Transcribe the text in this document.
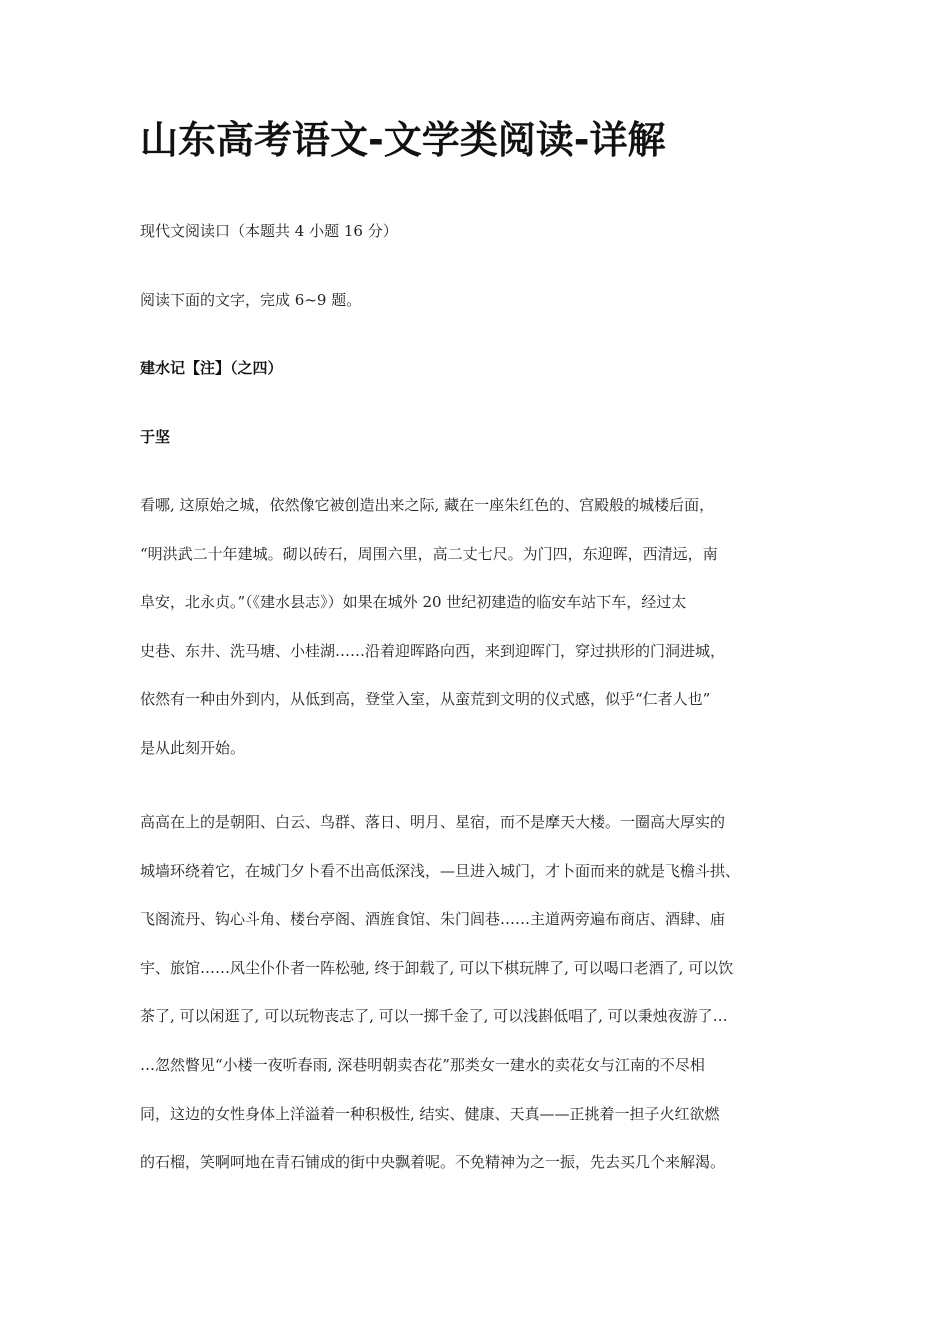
山东高考语文-文学类阅读-详解

现代文阅读口（本题共 4 小题 16 分）

阅读下面的文字，完成 6~9 题。

建水记【注】（之四）

于坚

看哪, 这原始之城，依然像它被创造出来之际, 藏在一座朱红色的、宫殿般的城楼后面，
“明洪武二十年建城。砌以砖石，周围六里，高二丈七尺。为门四，东迎晖，西清远，南
阜安，北永贞。”（《建水县志》）如果在城外 20 世纪初建造的临安车站下车，经过太
史巷、东井、洗马塘、小桂湖……沿着迎晖路向西，来到迎晖门，穿过拱形的门洞进城，
依然有一种由外到内，从低到高，登堂入室，从蛮荒到文明的仪式感，似乎“仁者人也”
是从此刻开始。
高高在上的是朝阳、白云、鸟群、落日、明月、星宿，而不是摩天大楼。一圈高大厚实的
城墙环绕着它，在城门夕卜看不出高低深浅，—旦进入城门，才卜面而来的就是飞檐斗拱、
飞阁流丹、钩心斗角、楼台亭阁、酒旌食馆、朱门闾巷……主道两旁遍布商店、酒肆、庙
宇、旅馆……风尘仆仆者一阵松驰, 终于卸载了, 可以下棋玩牌了, 可以喝口老酒了, 可以饮
茶了, 可以闲逛了, 可以玩物丧志了, 可以一掷千金了, 可以浅斟低唱了, 可以秉烛夜游了…
…忽然瞥见“小楼一夜听春雨, 深巷明朝卖杏花”那类女一建水的卖花女与江南的不尽相
同，这边的女性身体上洋溢着一种积极性, 结实、健康、天真——正挑着一担子火红欲燃
的石榴，笑啊呵地在青石铺成的街中央飘着呢。不免精神为之一振，先去买几个来解渴。
